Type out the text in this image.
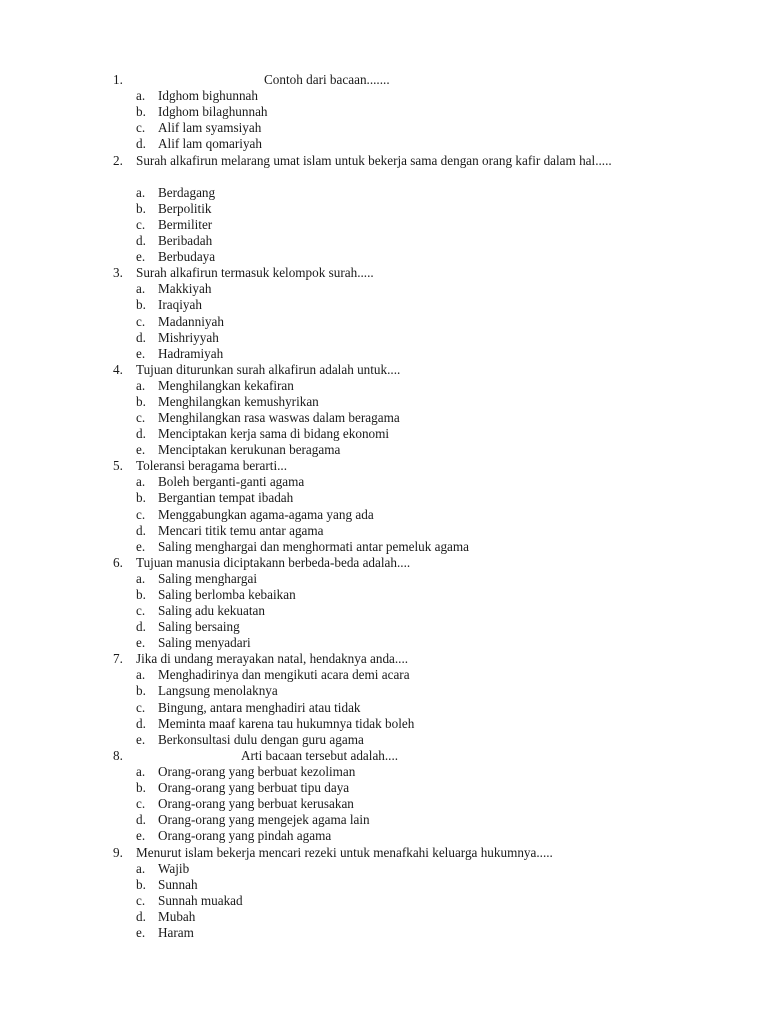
1.	Contoh dari bacaan.......
a. Idghom bighunnah
b. Idghom bilaghunnah
c. Alif lam syamsiyah
d. Alif lam qomariyah
2. Surah alkafirun melarang umat islam untuk bekerja sama dengan orang kafir dalam hal.....
a. Berdagang
b. Berpolitik
c. Bermiliter
d. Beribadah
e. Berbudaya
3. Surah alkafirun termasuk kelompok surah.....
a. Makkiyah
b. Iraqiyah
c. Madanniyah
d. Mishriyyah
e. Hadramiyah
4. Tujuan diturunkan surah alkafirun adalah untuk....
a. Menghilangkan kekafiran
b. Menghilangkan kemushyrikan
c. Menghilangkan rasa waswas dalam beragama
d. Menciptakan kerja sama di bidang ekonomi
e. Menciptakan kerukunan beragama
5. Toleransi beragama berarti...
a. Boleh berganti-ganti agama
b. Bergantian tempat ibadah
c. Menggabungkan agama-agama yang ada
d. Mencari titik temu antar agama
e. Saling menghargai dan menghormati antar pemeluk agama
6. Tujuan manusia diciptakann berbeda-beda adalah....
a. Saling menghargai
b. Saling berlomba kebaikan
c. Saling adu kekuatan
d. Saling bersaing
e. Saling menyadari
7. Jika di undang merayakan natal, hendaknya anda....
a. Menghadirinya dan mengikuti acara demi acara
b. Langsung menolaknya
c. Bingung, antara menghadiri atau tidak
d. Meminta maaf karena tau hukumnya tidak boleh
e. Berkonsultasi dulu dengan guru agama
8.	Arti bacaan tersebut adalah....
a. Orang-orang yang berbuat kezoliman
b. Orang-orang yang berbuat tipu daya
c. Orang-orang yang berbuat kerusakan
d. Orang-orang yang mengejek agama lain
e. Orang-orang yang pindah agama
9. Menurut islam bekerja mencari rezeki untuk menafkahi keluarga hukumnya.....
a. Wajib
b. Sunnah
c. Sunnah muakad
d. Mubah
e. Haram
